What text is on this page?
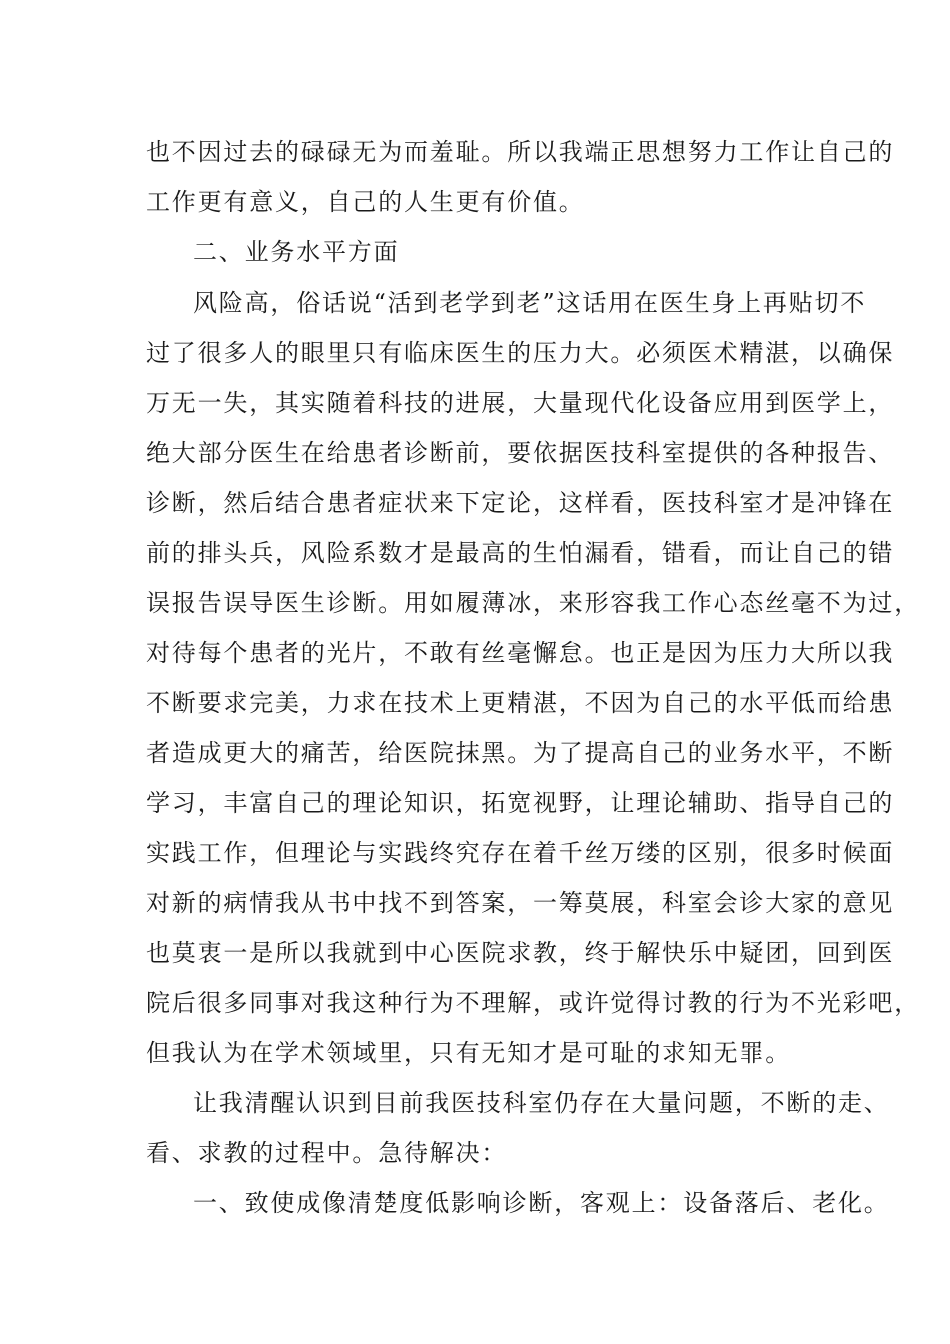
也不因过去的碌碌无为而羞耻。所以我端正思想努力工作让自己的
工作更有意义，自己的人生更有价值。
二、业务水平方面
风险高，俗话说“活到老学到老”这话用在医生身上再贴切不
过了很多人的眼里只有临床医生的压力大。必须医术精湛，以确保
万无一失，其实随着科技的进展，大量现代化设备应用到医学上，
绝大部分医生在给患者诊断前，要依据医技科室提供的各种报告、
诊断，然后结合患者症状来下定论，这样看，医技科室才是冲锋在
前的排头兵，风险系数才是最高的生怕漏看，错看，而让自己的错
误报告误导医生诊断。用如履薄冰，来形容我工作心态丝毫不为过，
对待每个患者的光片，不敢有丝毫懈怠。也正是因为压力大所以我
不断要求完美，力求在技术上更精湛，不因为自己的水平低而给患
者造成更大的痛苦，给医院抹黑。为了提高自己的业务水平，不断
学习，丰富自己的理论知识，拓宽视野，让理论辅助、指导自己的
实践工作，但理论与实践终究存在着千丝万缕的区别，很多时候面
对新的病情我从书中找不到答案，一筹莫展，科室会诊大家的意见
也莫衷一是所以我就到中心医院求教，终于解快乐中疑团，回到医
院后很多同事对我这种行为不理解，或许觉得讨教的行为不光彩吧，
但我认为在学术领域里，只有无知才是可耻的求知无罪。
让我清醒认识到目前我医技科室仍存在大量问题，不断的走、
看、求教的过程中。急待解决：
一、致使成像清楚度低影响诊断，客观上：设备落后、老化。
